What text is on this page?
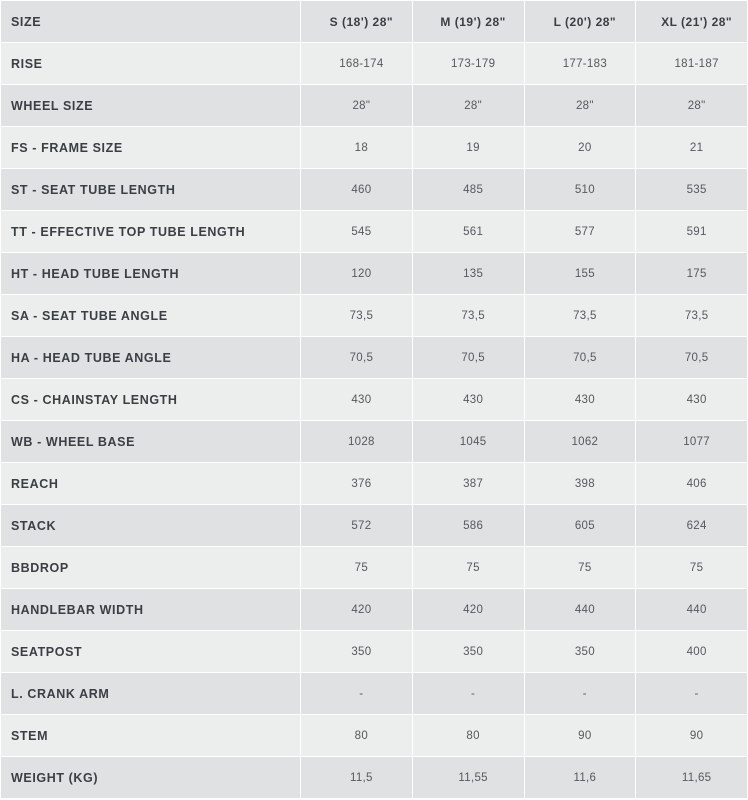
SIZE	S (18') 28"	M (19') 28"	L (20') 28"	XL (21') 28"
RISE	168-174	173-179	177-183	181-187
WHEEL SIZE	28"	28"	28"	28"
FS - FRAME SIZE	18	19	20	21
ST - SEAT TUBE LENGTH	460	485	510	535
TT - EFFECTIVE TOP TUBE LENGTH	545	561	577	591
HT - HEAD TUBE LENGTH	120	135	155	175
SA - SEAT TUBE ANGLE	73,5	73,5	73,5	73,5
HA - HEAD TUBE ANGLE	70,5	70,5	70,5	70,5
CS - CHAINSTAY LENGTH	430	430	430	430
WB - WHEEL BASE	1028	1045	1062	1077
REACH	376	387	398	406
STACK	572	586	605	624
BBDROP	75	75	75	75
HANDLEBAR WIDTH	420	420	440	440
SEATPOST	350	350	350	400
L. CRANK ARM	-	-	-	-
STEM	80	80	90	90
WEIGHT (KG)	11,5	11,55	11,6	11,65
